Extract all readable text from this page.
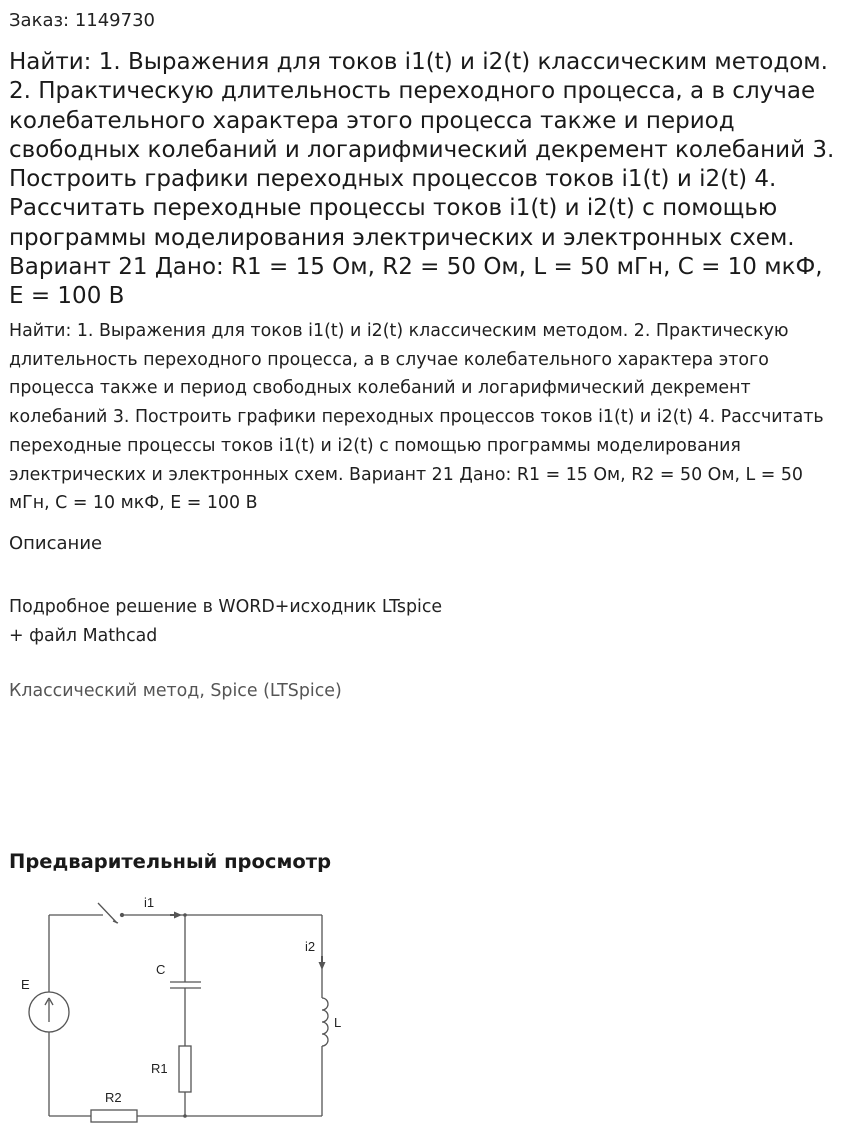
Заказ: 1149730
Найти: 1. Выражения для токов i1(t) и i2(t) классическим методом. 2. Практическую длительность переходного процесса, а в случае колебательного характера этого процесса также и период свободных колебаний и логарифмический декремент колебаний 3. Построить графики переходных процессов токов i1(t) и i2(t) 4. Рассчитать переходные процессы токов i1(t) и i2(t) с помощью программы моделирования электрических и электронных схем. Вариант 21 Дано: R1 = 15 Ом, R2 = 50 Ом, L = 50 мГн, С = 10 мкФ, E = 100 В

Найти: 1. Выражения для токов i1(t) и i2(t) классическим методом. 2. Практическую длительность переходного процесса, а в случае колебательного характера этого процесса также и период свободных колебаний и логарифмический декремент колебаний 3. Построить графики переходных процессов токов i1(t) и i2(t) 4. Рассчитать переходные процессы токов i1(t) и i2(t) с помощью программы моделирования электрических и электронных схем. Вариант 21 Дано: R1 = 15 Ом, R2 = 50 Ом, L = 50 мГн, С = 10 мкФ, E = 100 В

Описание

Подробное решение в WORD+исходник LTspice
+ файл Mathcad

Классический метод, Spice (LTSpice)

Предварительный просмотр
E
i1
i2
C
R1
R2
L
